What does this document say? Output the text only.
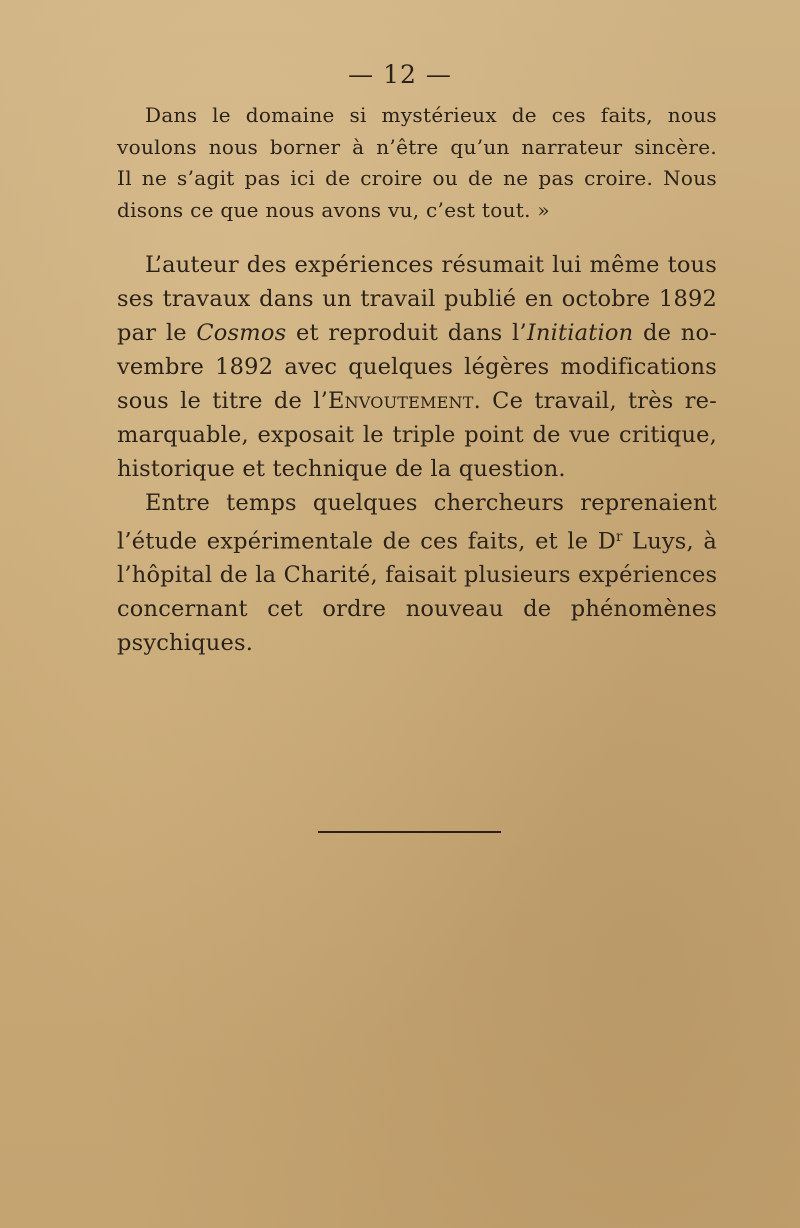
— 12 —

Dans le domaine si mystérieux de ces faits, nous
voulons nous borner à n’être qu’un narrateur sincère.
Il ne s’agit pas ici de croire ou de ne pas croire. Nous
disons ce que nous avons vu, c’est tout. »

L’auteur des expériences résumait lui même tous
ses travaux dans un travail publié en octobre 1892
par le Cosmos et reproduit dans l’Initiation de no-
vembre 1892 avec quelques légères modifications
sous le titre de l’Envoutement. Ce travail, très re-
marquable, exposait le triple point de vue critique,
historique et technique de la question.

Entre temps quelques chercheurs reprenaient
l’étude expérimentale de ces faits, et le $D^r$ Luys, à
l’hôpital de la Charité, faisait plusieurs expériences
concernant cet ordre nouveau de phénomènes
psychiques.
